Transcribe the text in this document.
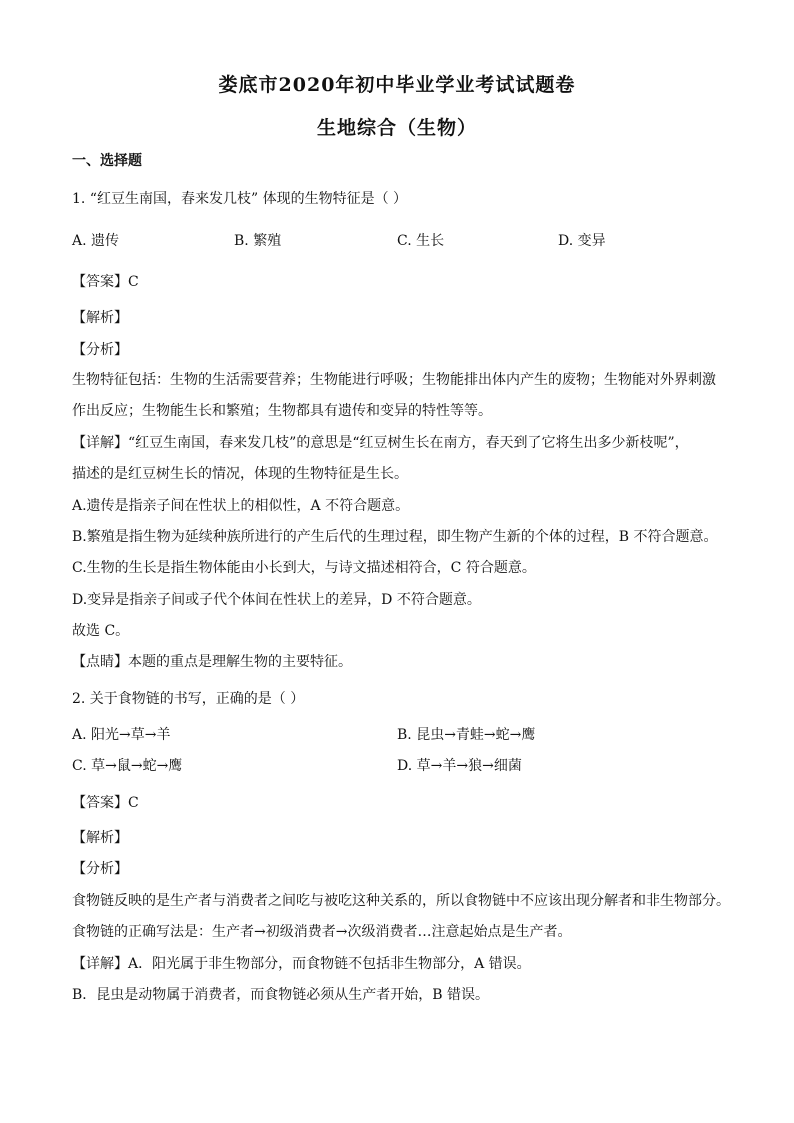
娄底市2020年初中毕业学业考试试题卷
生地综合（生物）
一、选择题
1. “红豆生南国，春来发几枝” 体现的生物特征是（ ）
A. 遗传	B. 繁殖	C. 生长	D. 变异
【答案】C
【解析】
【分析】
生物特征包括：生物的生活需要营养；生物能进行呼吸；生物能排出体内产生的废物；生物能对外界刺激
作出反应；生物能生长和繁殖；生物都具有遗传和变异的特性等等。
【详解】“红豆生南国，春来发几枝”的意思是“红豆树生长在南方，春天到了它将生出多少新枝呢”，
描述的是红豆树生长的情况，体现的生物特征是生长。
A.遗传是指亲子间在性状上的相似性，A 不符合题意。
B.繁殖是指生物为延续种族所进行的产生后代的生理过程，即生物产生新的个体的过程，B 不符合题意。
C.生物的生长是指生物体能由小长到大，与诗文描述相符合，C 符合题意。
D.变异是指亲子间或子代个体间在性状上的差异，D 不符合题意。
故选 C。
【点睛】本题的重点是理解生物的主要特征。
2. 关于食物链的书写，正确的是（ ）
A. 阳光→草→羊	B. 昆虫→青蛙→蛇→鹰
C. 草→鼠→蛇→鹰	D. 草→羊→狼→细菌
【答案】C
【解析】
【分析】
食物链反映的是生产者与消费者之间吃与被吃这种关系的，所以食物链中不应该出现分解者和非生物部分。
食物链的正确写法是：生产者→初级消费者→次级消费者…注意起始点是生产者。
【详解】A．阳光属于非生物部分，而食物链不包括非生物部分，A 错误。
B．昆虫是动物属于消费者，而食物链必须从生产者开始，B 错误。
